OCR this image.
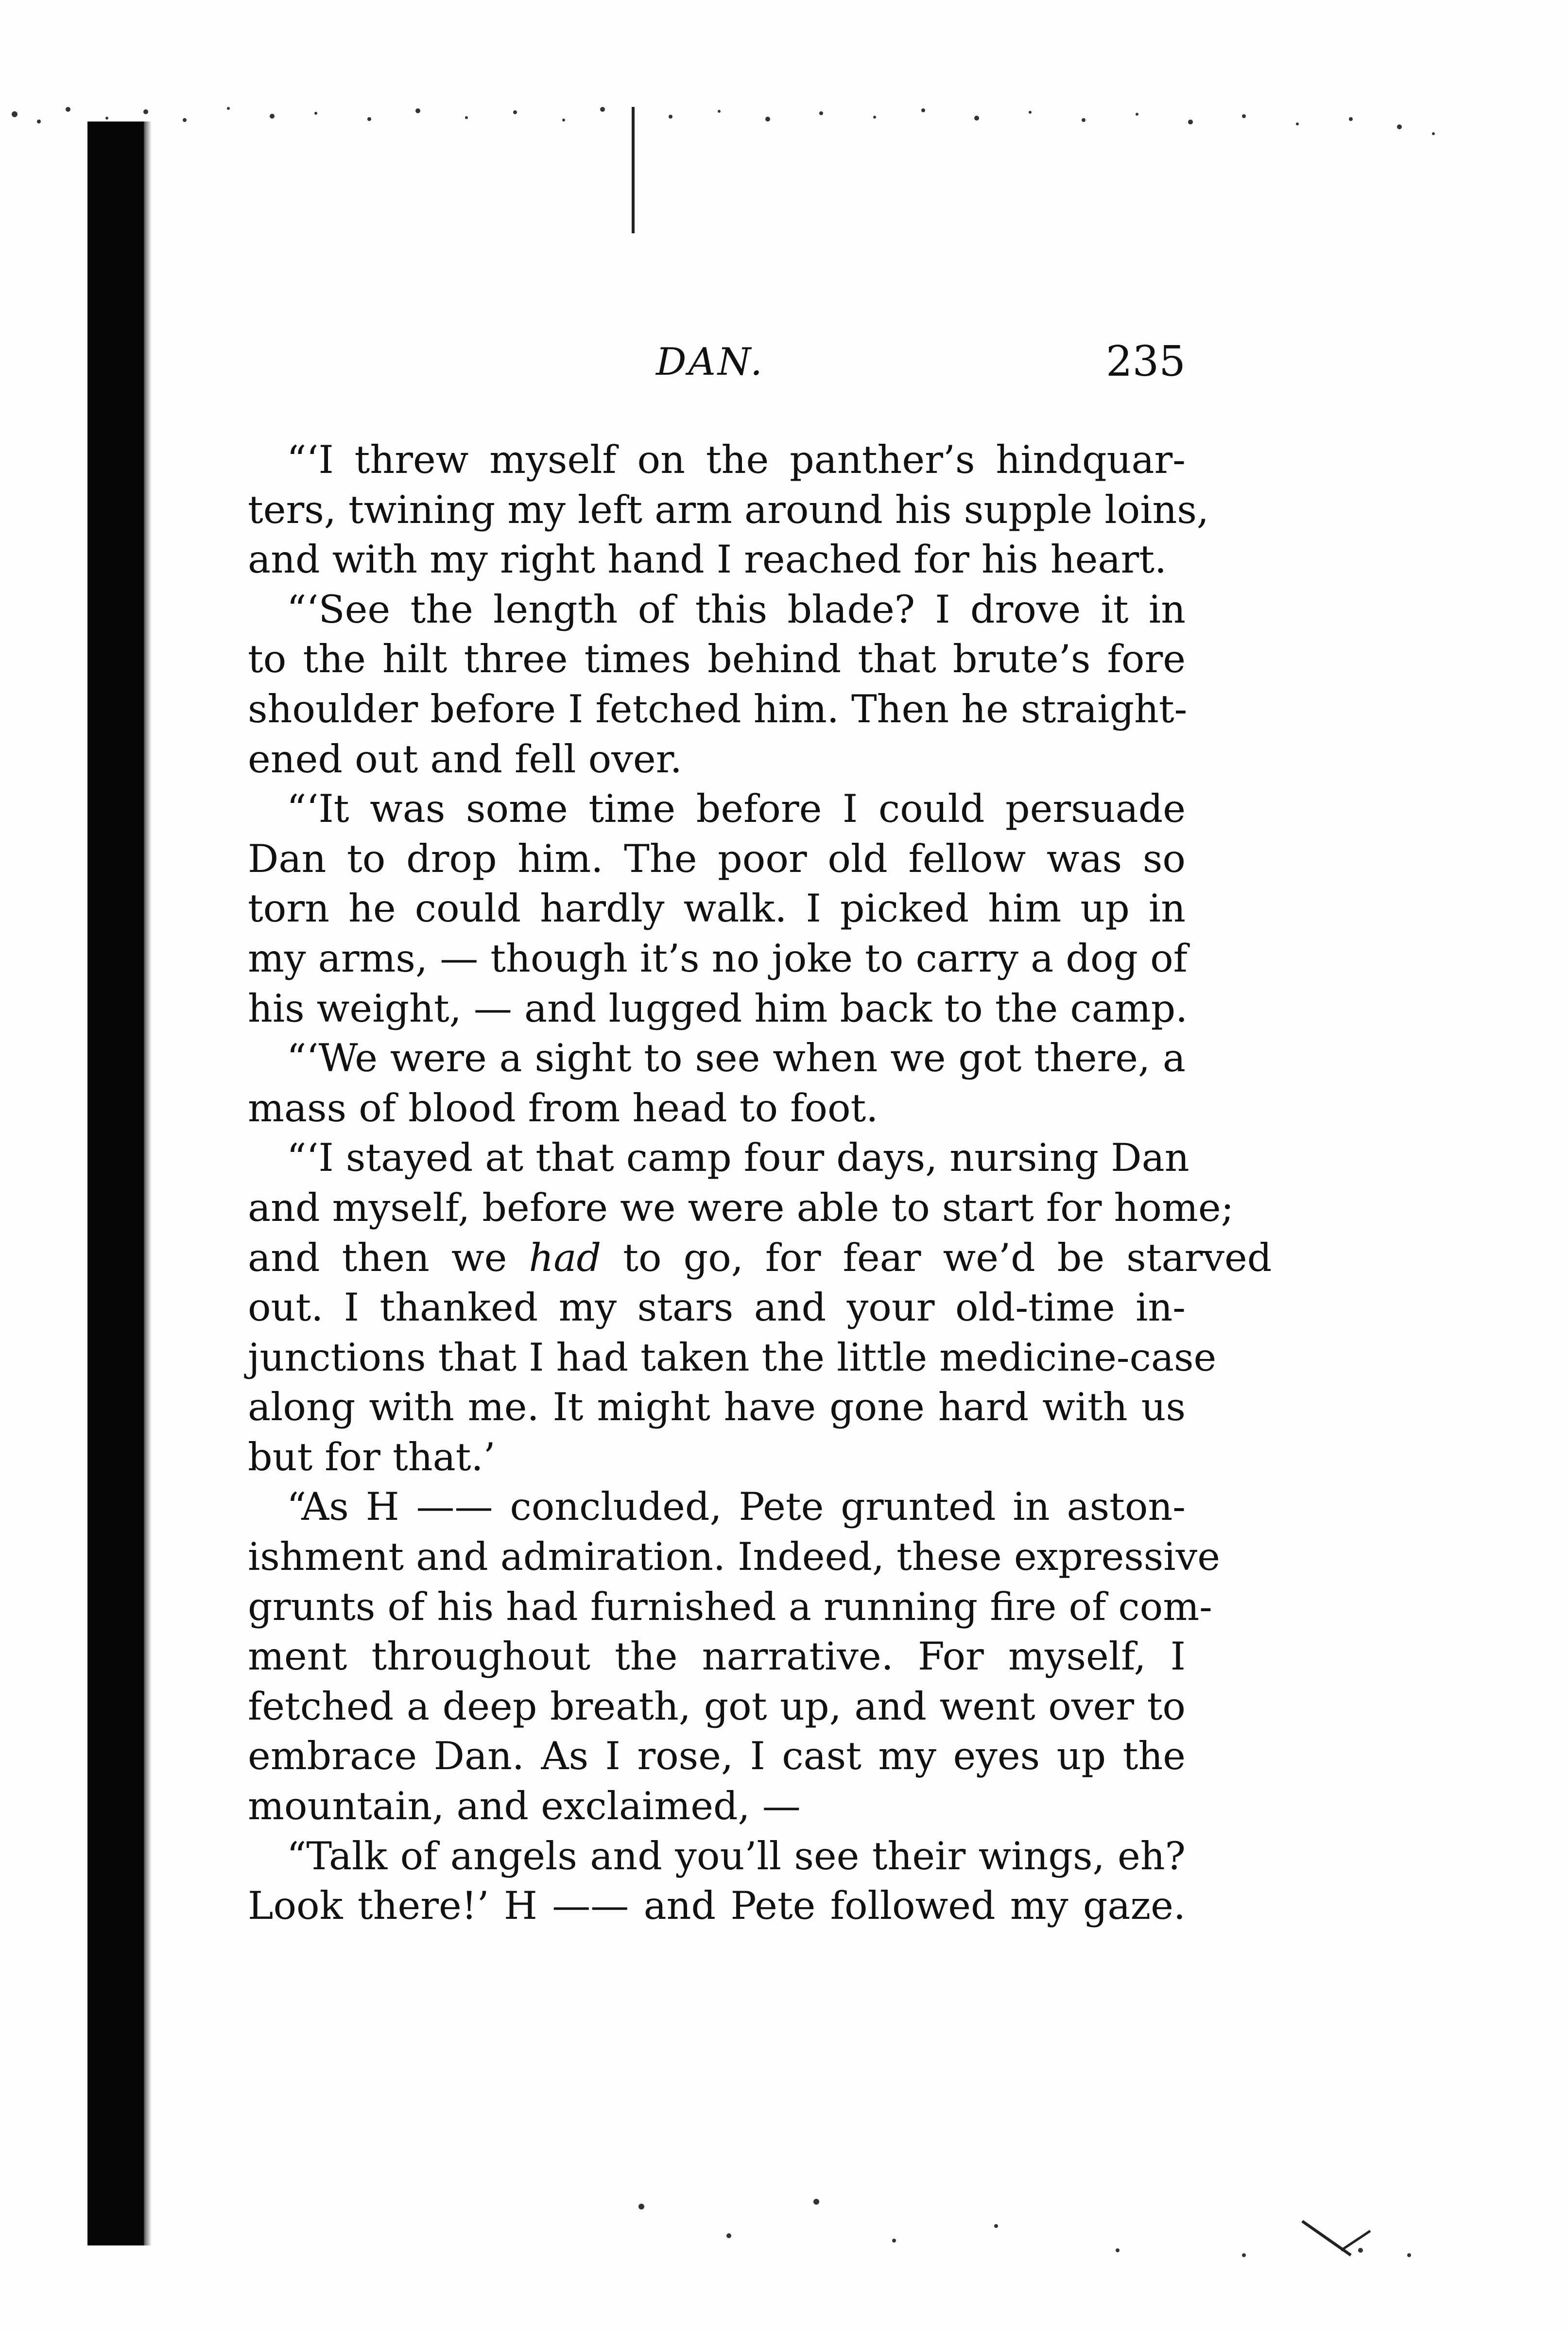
DAN.	235
“‘I threw myself on the panther’s hindquar-
ters, twining my left arm around his supple loins,
and with my right hand I reached for his heart.
“‘See the length of this blade? I drove it in
to the hilt three times behind that brute’s fore
shoulder before I fetched him. Then he straight-
ened out and fell over.
“‘It was some time before I could persuade
Dan to drop him. The poor old fellow was so
torn he could hardly walk. I picked him up in
my arms, — though it’s no joke to carry a dog of
his weight, — and lugged him back to the camp.
“‘We were a sight to see when we got there, a
mass of blood from head to foot.
“‘I stayed at that camp four days, nursing Dan
and myself, before we were able to start for home;
and then we had to go, for fear we’d be starved
out. I thanked my stars and your old-time in-
junctions that I had taken the little medicine-case
along with me. It might have gone hard with us
but for that.’
“As H —— concluded, Pete grunted in aston-
ishment and admiration. Indeed, these expressive
grunts of his had furnished a running fire of com-
ment throughout the narrative. For myself, I
fetched a deep breath, got up, and went over to
embrace Dan. As I rose, I cast my eyes up the
mountain, and exclaimed, —
“Talk of angels and you’ll see their wings, eh?
Look there!’ H —— and Pete followed my gaze.
